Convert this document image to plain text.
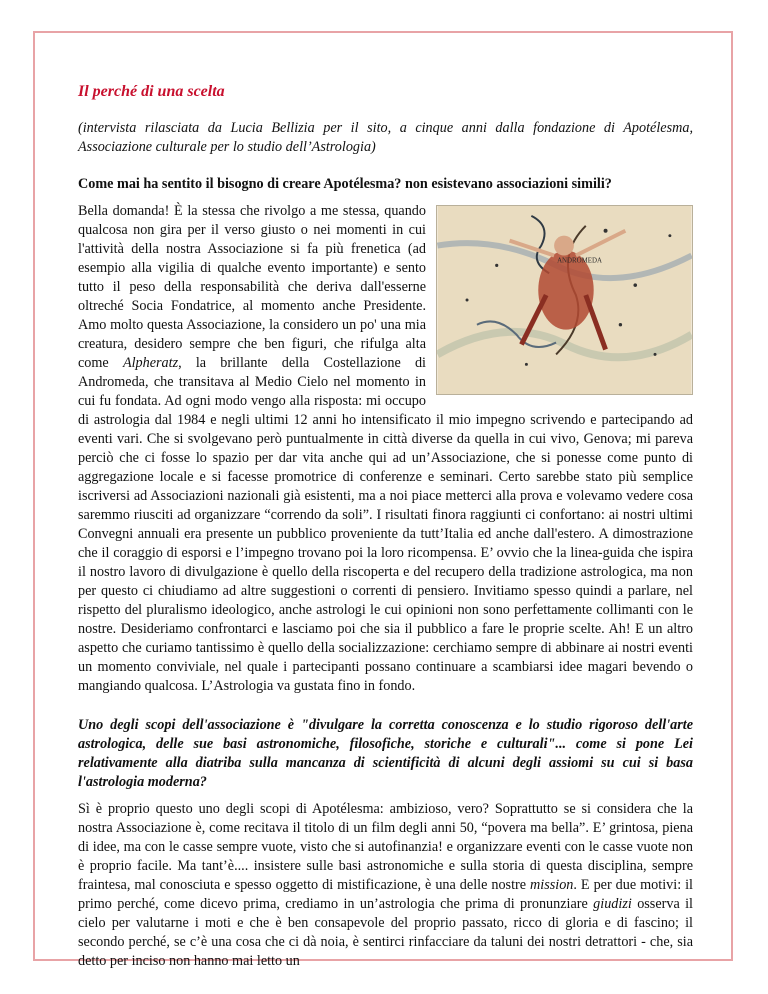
Il perché di una scelta

(intervista rilasciata da Lucia Bellizia per il sito, a cinque anni dalla fondazione di Apotélesma, Associazione culturale per lo studio dell’Astrologia)

Come mai ha sentito il bisogno di creare Apotélesma? non esistevano associazioni simili?

ANDROMEDA

Bella domanda! È la stessa che rivolgo a me stessa, quando qualcosa non gira per il verso giusto o nei momenti in cui l'attività della nostra Associazione si fa più frenetica (ad esempio alla vigilia di qualche evento importante) e sento tutto il peso della responsabilità che deriva dall'esserne oltreché Socia Fondatrice, al momento anche Presidente. Amo molto questa Associazione, la considero un po' una mia creatura, desidero sempre che ben figuri, che rifulga alta come Alpheratz, la brillante della Costellazione di Andromeda, che transitava al Medio Cielo nel momento in cui fu fondata. Ad ogni modo vengo alla risposta: mi occupo di astrologia dal 1984 e negli ultimi 12 anni ho intensificato il mio impegno scrivendo e partecipando ad eventi vari. Che si svolgevano però puntualmente in città diverse da quella in cui vivo, Genova; mi pareva perciò che ci fosse lo spazio per dar vita anche qui ad un’Associazione, che si ponesse come punto di aggregazione locale e si facesse promotrice di conferenze e seminari. Certo sarebbe stato più semplice iscriversi ad Associazioni nazionali già esistenti, ma a noi piace metterci alla prova e volevamo vedere cosa saremmo riusciti ad organizzare “correndo da soli”. I risultati finora raggiunti ci confortano: ai nostri ultimi Convegni annuali era presente un pubblico proveniente da tutt’Italia ed anche dall'estero. A dimostrazione che il coraggio di esporsi e l’impegno trovano poi la loro ricompensa. E’ ovvio che la linea-guida che ispira il nostro lavoro di divulgazione è quello della riscoperta e del recupero della tradizione astrologica, ma non per questo ci chiudiamo ad altre suggestioni o correnti di pensiero. Invitiamo spesso quindi a parlare, nel rispetto del pluralismo ideologico, anche astrologi le cui opinioni non sono perfettamente collimanti con le nostre. Desideriamo confrontarci e lasciamo poi che sia il pubblico a fare le proprie scelte. Ah! E un altro aspetto che curiamo tantissimo è quello della socializzazione: cerchiamo sempre di abbinare ai nostri eventi un momento conviviale, nel quale i partecipanti possano continuare a scambiarsi idee magari bevendo o mangiando qualcosa. L’Astrologia va gustata fino in fondo.

Uno degli scopi dell'associazione è "divulgare la corretta conoscenza e lo studio rigoroso dell'arte astrologica, delle sue basi astronomiche, filosofiche, storiche e culturali"... come si pone Lei relativamente alla diatriba sulla mancanza di scientificità di alcuni degli assiomi su cui si basa l'astrologia moderna?

Sì è proprio questo uno degli scopi di Apotélesma: ambizioso, vero? Soprattutto se si considera che la nostra Associazione è, come recitava il titolo di un film degli anni 50, “povera ma bella”. E’ grintosa, piena di idee, ma con le casse sempre vuote, visto che si autofinanzia! e organizzare eventi con le casse vuote non è proprio facile. Ma tant’è.... insistere sulle basi astronomiche e sulla storia di questa disciplina, sempre fraintesa, mal conosciuta e spesso oggetto di mistificazione, è una delle nostre mission. E per due motivi: il primo perché, come dicevo prima, crediamo in un’astrologia che prima di pronunziare giudizi osserva il cielo per valutarne i moti e che è ben consapevole del proprio passato, ricco di gloria e di fascino; il secondo perché, se c’è una cosa che ci dà noia, è sentirci rinfacciare da taluni dei nostri detrattori - che, sia detto per inciso non hanno mai letto un
